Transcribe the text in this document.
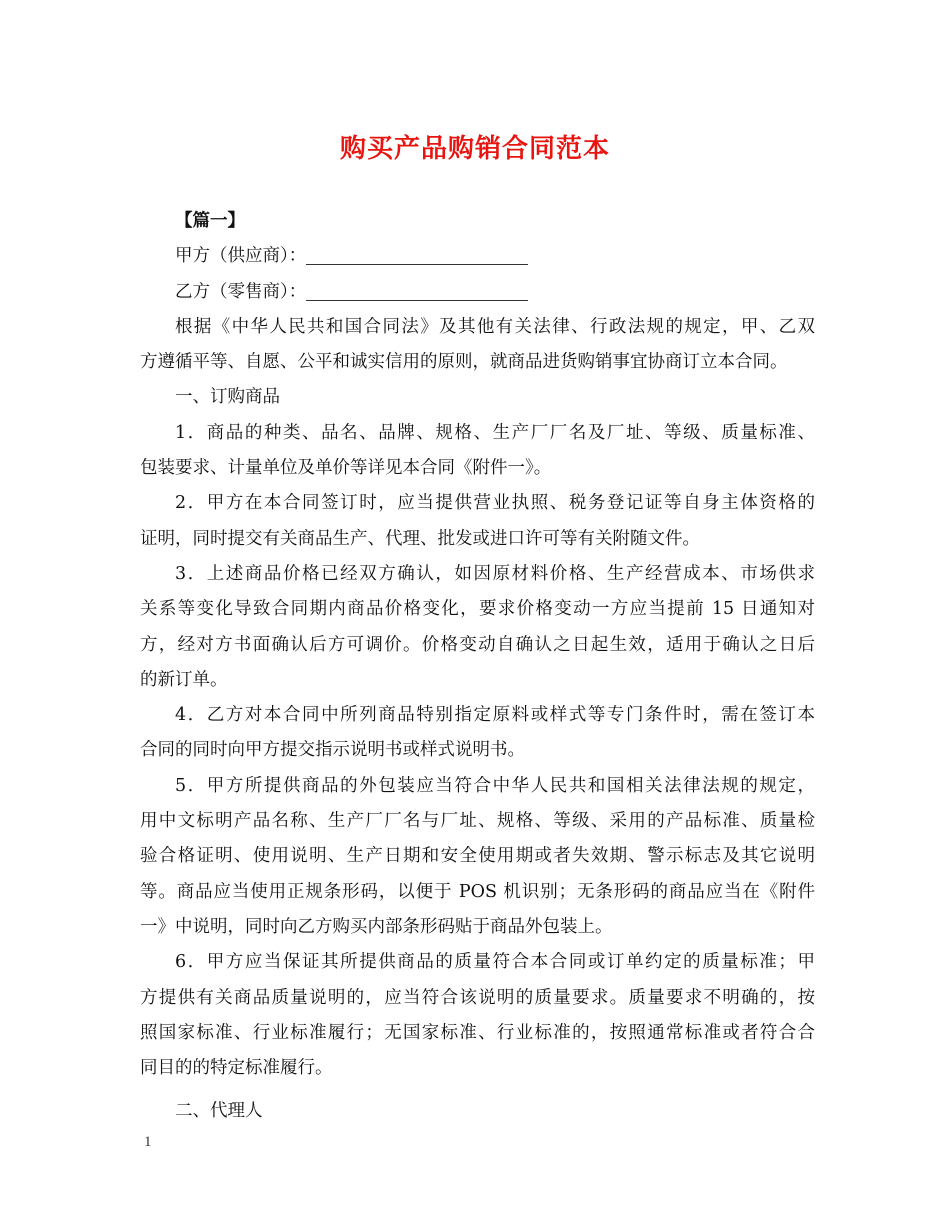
购买产品购销合同范本
【篇一】
甲方（供应商）：
乙方（零售商）：
根据《中华人民共和国合同法》及其他有关法律、行政法规的规定，甲、乙双
方遵循平等、自愿、公平和诚实信用的原则，就商品进货购销事宜协商订立本合同。
一、订购商品
1．商品的种类、品名、品牌、规格、生产厂厂名及厂址、等级、质量标准、
包装要求、计量单位及单价等详见本合同《附件一》。
2．甲方在本合同签订时，应当提供营业执照、税务登记证等自身主体资格的
证明，同时提交有关商品生产、代理、批发或进口许可等有关附随文件。
3．上述商品价格已经双方确认，如因原材料价格、生产经营成本、市场供求
关系等变化导致合同期内商品价格变化，要求价格变动一方应当提前 15 日通知对
方，经对方书面确认后方可调价。价格变动自确认之日起生效，适用于确认之日后
的新订单。
4．乙方对本合同中所列商品特别指定原料或样式等专门条件时，需在签订本
合同的同时向甲方提交指示说明书或样式说明书。
5．甲方所提供商品的外包装应当符合中华人民共和国相关法律法规的规定，
用中文标明产品名称、生产厂厂名与厂址、规格、等级、采用的产品标准、质量检
验合格证明、使用说明、生产日期和安全使用期或者失效期、警示标志及其它说明
等。商品应当使用正规条形码，以便于 POS 机识别；无条形码的商品应当在《附件
一》中说明，同时向乙方购买内部条形码贴于商品外包装上。
6．甲方应当保证其所提供商品的质量符合本合同或订单约定的质量标准；甲
方提供有关商品质量说明的，应当符合该说明的质量要求。质量要求不明确的，按
照国家标准、行业标准履行；无国家标准、行业标准的，按照通常标准或者符合合
同目的的特定标准履行。
二、代理人
1
